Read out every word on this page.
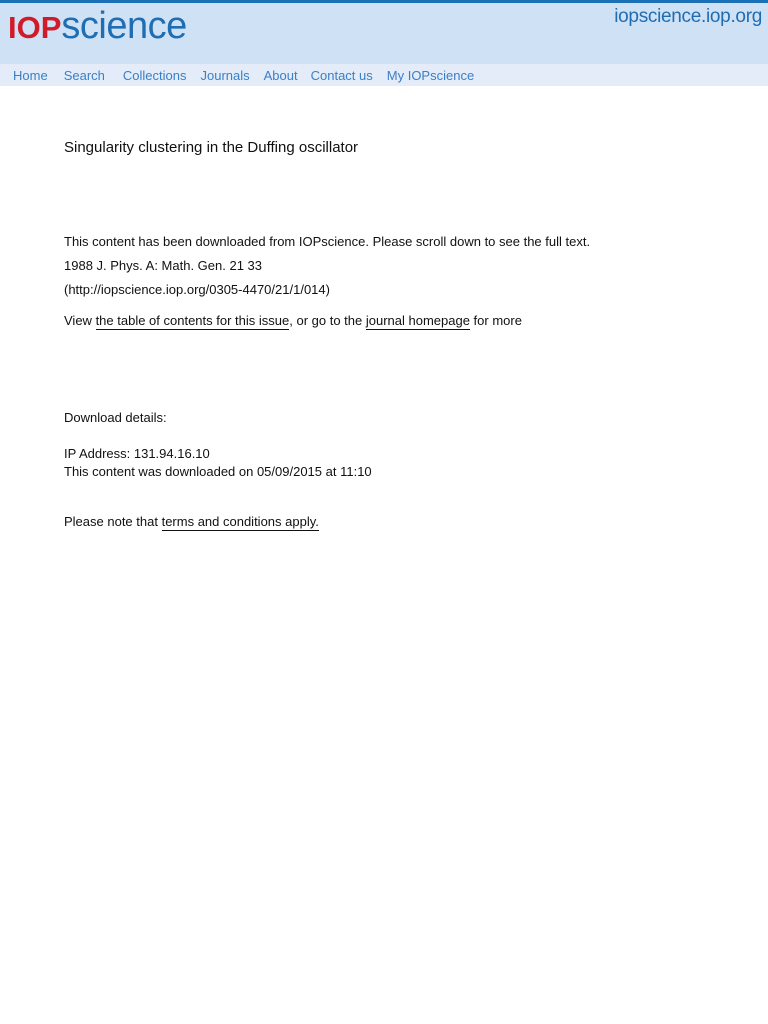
IOP science	iopscience.iop.org
Home Search Collections Journals About Contact us My IOPscience
Singularity clustering in the Duffing oscillator
This content has been downloaded from IOPscience. Please scroll down to see the full text.
1988 J. Phys. A: Math. Gen. 21 33
(http://iopscience.iop.org/0305-4470/21/1/014)
View the table of contents for this issue, or go to the journal homepage for more
Download details:
IP Address: 131.94.16.10
This content was downloaded on 05/09/2015 at 11:10
Please note that terms and conditions apply.
